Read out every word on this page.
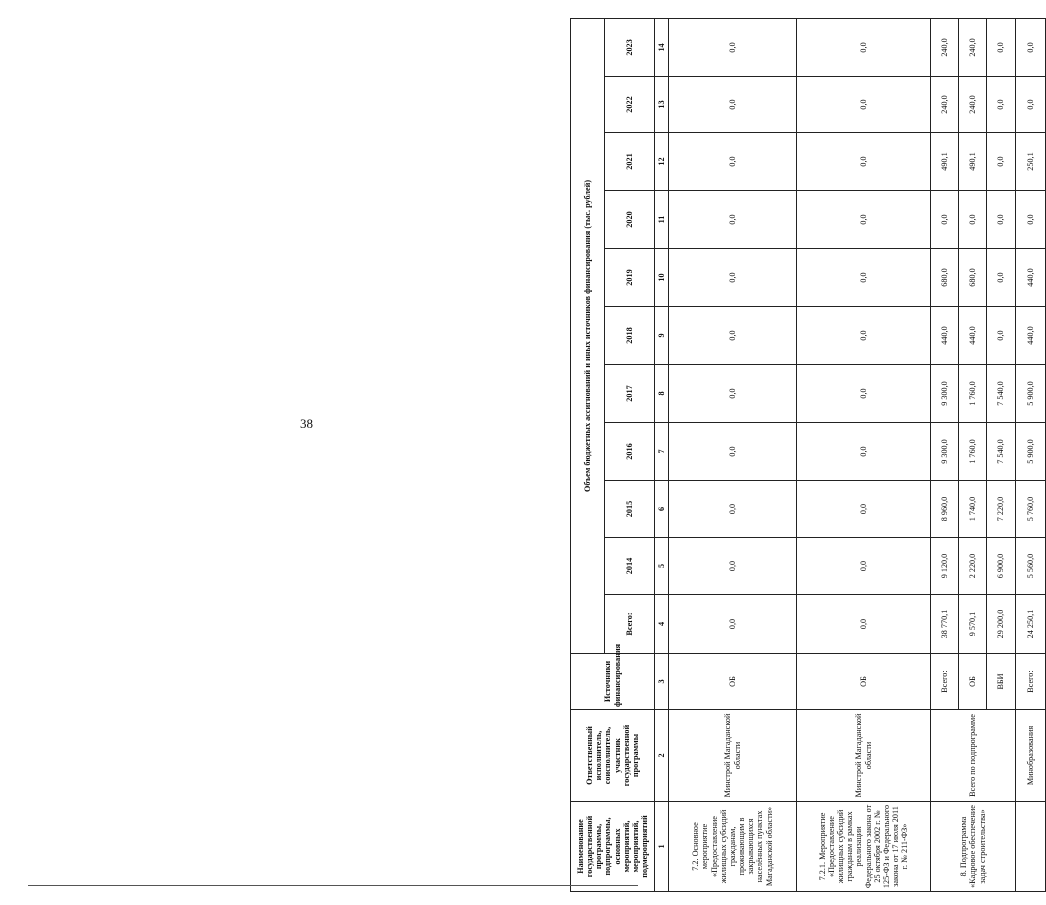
38
Наименование государственной программы, подпрограммы, основных мероприятий, мероприятий, подмероприятий	Ответственный исполнитель, соисполнитель, участник государственной программы	Источники финансирования	Объем бюджетных ассигнований и иных источников финансирования (тыс. рублей)										
			Всего:	2014	2015	2016	2017	2018	2019	2020	2021	2022	2023
1	2	3	4	5	6	7	8	9	10	11	12	13	14
7.2. Основное мероприятие «Предоставление жилищных субсидий гражданам, проживающим в закрывающихся населённых пунктах Магаданской области»	Минстрой Магаданской области	ОБ	0,0	0,0	0,0	0,0	0,0	0,0	0,0	0,0	0,0	0,0	0,0
7.2.1. Мероприятие «Предоставление жилищных субсидий гражданам в рамках реализации Федерального закона от 25 октября 2002 г. № 125-ФЗ и Федерального закона от 17 июля 2011 г. № 211-ФЗ»	Минстрой Магаданской области	ОБ	0,0	0,0	0,0	0,0	0,0	0,0	0,0	0,0	0,0	0,0	0,0
8. Подпрограмма «Кадровое обеспечение задач строительства»	Всего по подпрограмме	Всего:	38 770,1	9 120,0	8 960,0	9 300,0	9 300,0	440,0	680,0	0,0	490,1	240,0	240,0
		ОБ	9 570,1	2 220,0	1 740,0	1 760,0	1 760,0	440,0	680,0	0,0	490,1	240,0	240,0
		ВБИ	29 200,0	6 900,0	7 220,0	7 540,0	7 540,0	0,0	0,0	0,0	0,0	0,0	0,0
	Минобразования	Всего:	24 250,1	5 560,0	5 760,0	5 900,0	5 900,0	440,0	440,0	0,0	250,1	0,0	0,0
